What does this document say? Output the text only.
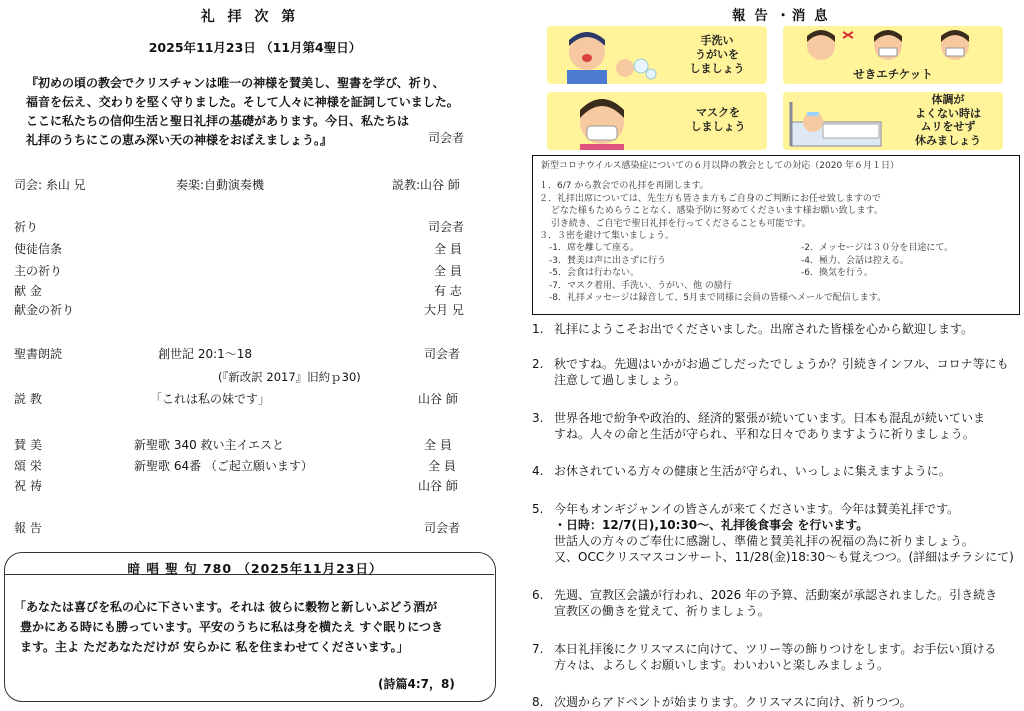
礼 拝 次 第
2025年11月23日 （11月第4聖日）
『初めの頃の教会でクリスチャンは唯一の神様を賛美し、聖書を学び、祈り、
福音を伝え、交わりを堅く守りました。そして人々に神様を証詞していました。
ここに私たちの信仰生活と聖日礼拝の基礎があります。今日、私たちは
礼拝のうちにこの恵み深い天の神様をおぼえましょう。』	司会者
司会: 糸山 兄	奏楽:自動演奏機	説教:山谷 師
祈り	司会者
使徒信条	全 員
主の祈り	全 員
献 金	有 志
献金の祈り	大月 兄
聖書朗読	創世記 20:1～18	司会者
(『新改訳 2017』旧約ｐ30)
説 教	「これは私の妹です」	山谷 師
賛 美	新聖歌 340 救い主イエスと	全 員
頌 栄	新聖歌 64番 （ご起立願います）	全 員
祝 祷	山谷 師
報 告	司会者
暗 唱 聖 句 780 （2025年11月23日）
「あなたは喜びを私の心に下さいます。それは 彼らに穀物と新しいぶどう酒が
豊かにある時にも勝っています。平安のうちに私は身を横たえ すぐ眠りにつき
ます。主よ ただあなただけが 安らかに 私を住まわせてくださいます。」
(詩篇4:7，8)
報 告 ・消 息
手洗い
うがいを
しましょう	せきエチケット
マスクを
しましょう
体調が
よくない時は
ムリをせず
休みましょう
新型コロナウイルス感染症についての６月以降の教会としての対応（2020 年６月１日）
１．6/7 から教会での礼拝を再開します。
２．礼拝出席については、先生方も皆さま方もご自身のご判断にお任せ致しますので
　 どなた様もためらうことなく、感染予防に努めてくださいます様お願い致します。
　 引き続き、ご自宅で聖日礼拝を行ってくださることも可能です。
３．３密を避けて集いましょう。
-1．席を離して座る。	-2．メッセージは３０分を目途にて。
-3．賛美は声に出さずに行う	-4．極力、会話は控える。
-5．会食は行わない。	-6．換気を行う。
-7．マスク着用、手洗い、うがい、他 の励行
-8．礼拝メッセージは録音して、5月まで同様に会員の皆様へメールで配信します。
1. 礼拝にようこそお出でくださいました。出席された皆様を心から歓迎します。
2. 秋ですね。先週はいかがお過ごしだったでしょうか？引続きインフル、コロナ等にも
注意して過しましょう。
3. 世界各地で紛争や政治的、経済的緊張が続いています。日本も混乱が続いていま
すね。人々の命と生活が守られ、平和な日々でありますように祈りましょう。
4. お休されている方々の健康と生活が守られ、いっしょに集えますように。
5. 今年もオンギジャンイの皆さんが来てくださいます。今年は賛美礼拝です。
・日時：12/7(日),10:30～、礼拝後食事会 を行います。
世話人の方々のご奉仕に感謝し、準備と賛美礼拝の祝福の為に祈りましょう。
又、OCCクリスマスコンサート、11/28(金)18:30～も覚えつつ。(詳細はチラシにて)
6. 先週、宣教区会議が行われ、2026 年の予算、活動案が承認されました。引き続き
宣教区の働きを覚えて、祈りましょう。
7. 本日礼拝後にクリスマスに向けて、ツリー等の飾りつけをします。お手伝い頂ける
方々は、よろしくお願いします。わいわいと楽しみましょう。
8. 次週からアドベントが始まります。クリスマスに向け、祈りつつ。
